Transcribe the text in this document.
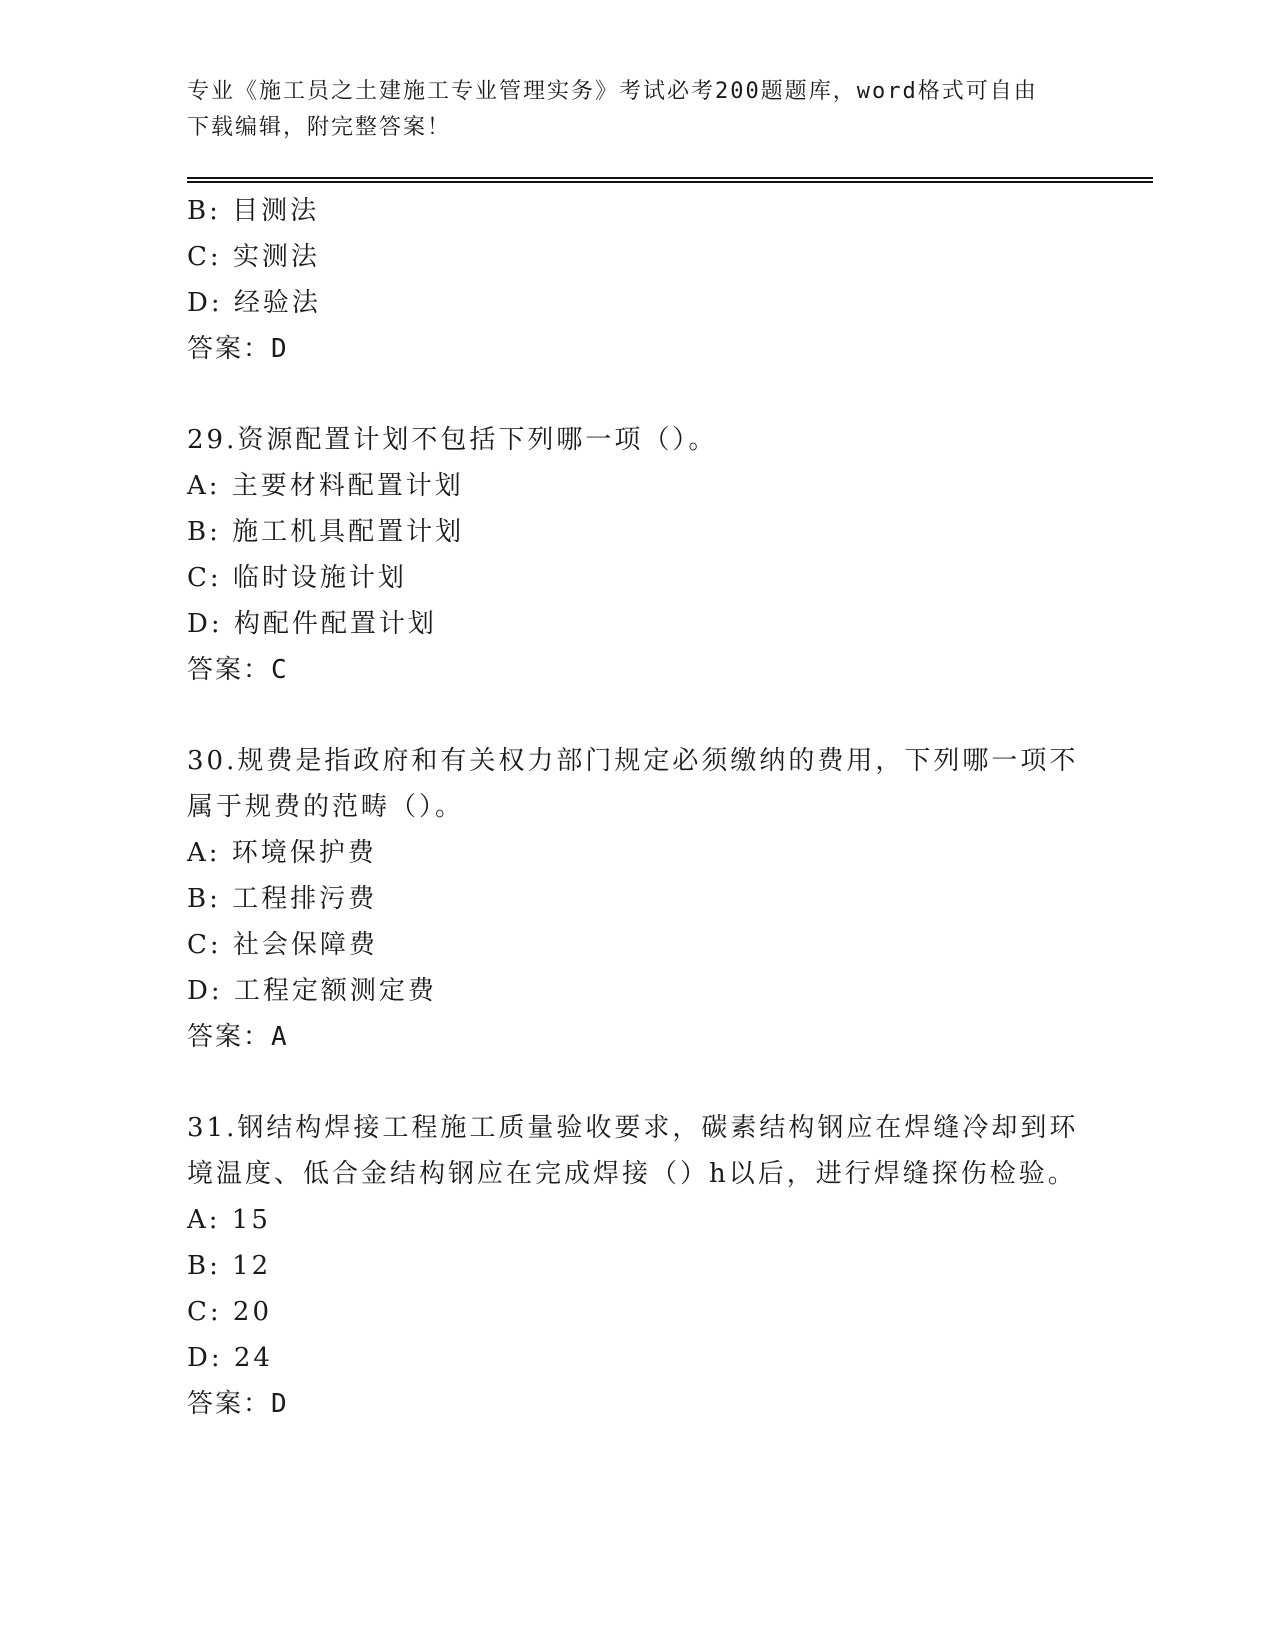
专业《施工员之土建施工专业管理实务》考试必考200题题库，word格式可自由
下载编辑，附完整答案！
B: 目测法
C: 实测法
D: 经验法
答案：D
29.资源配置计划不包括下列哪一项（）。
A: 主要材料配置计划
B: 施工机具配置计划
C: 临时设施计划
D: 构配件配置计划
答案：C
30.规费是指政府和有关权力部门规定必须缴纳的费用，下列哪一项不
属于规费的范畴（）。
A: 环境保护费
B: 工程排污费
C: 社会保障费
D: 工程定额测定费
答案：A
31.钢结构焊接工程施工质量验收要求，碳素结构钢应在焊缝冷却到环
境温度、低合金结构钢应在完成焊接（）h以后，进行焊缝探伤检验。
A: 15
B: 12
C: 20
D: 24
答案：D
